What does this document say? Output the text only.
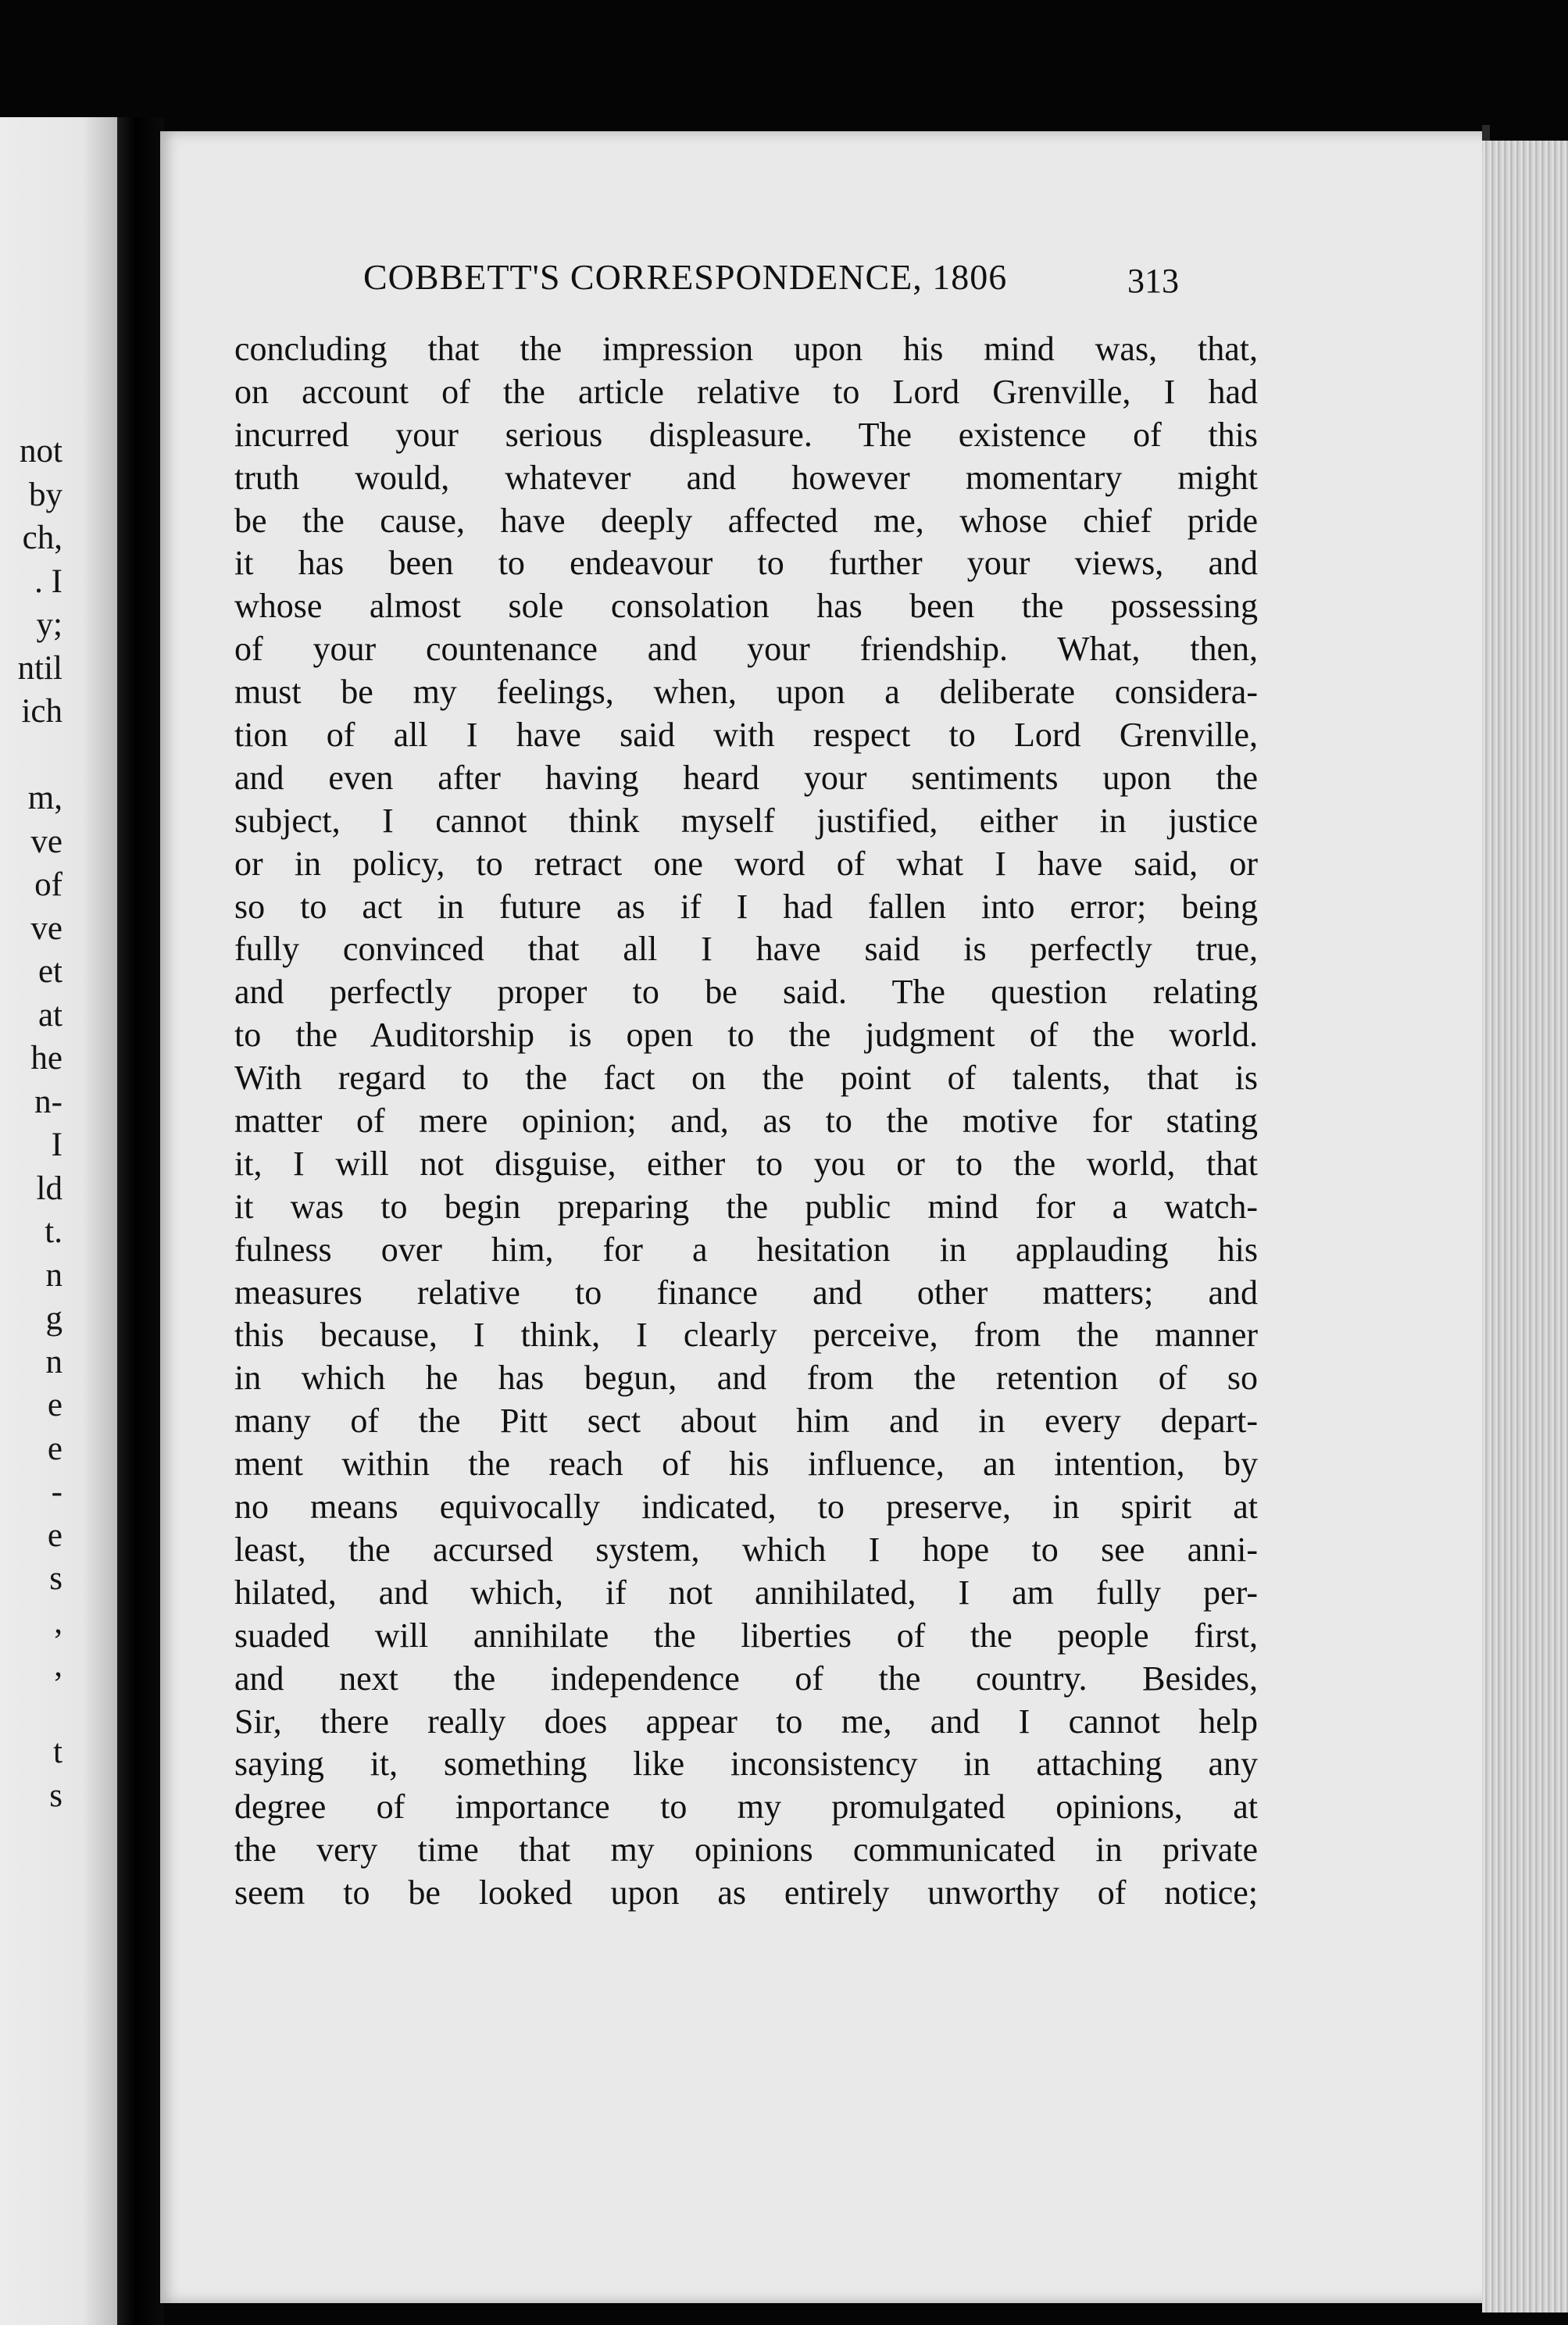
not
by
ch,
. I
y;
ntil
ich
m,
ve
of
ve
et
at
he
n-
I
ld
t.
n
g
n
e
e
-
e
s
,
,
t
s
COBBETT'S CORRESPONDENCE, 1806	313
concluding that the impression upon his mind was, that,
on account of the article relative to Lord Grenville, I had
incurred your serious displeasure. The existence of this
truth would, whatever and however momentary might
be the cause, have deeply affected me, whose chief pride
it has been to endeavour to further your views, and
whose almost sole consolation has been the possessing
of your countenance and your friendship. What, then,
must be my feelings, when, upon a deliberate considera-
tion of all I have said with respect to Lord Grenville,
and even after having heard your sentiments upon the
subject, I cannot think myself justified, either in justice
or in policy, to retract one word of what I have said, or
so to act in future as if I had fallen into error; being
fully convinced that all I have said is perfectly true,
and perfectly proper to be said. The question relating
to the Auditorship is open to the judgment of the world.
With regard to the fact on the point of talents, that is
matter of mere opinion; and, as to the motive for stating
it, I will not disguise, either to you or to the world, that
it was to begin preparing the public mind for a watch-
fulness over him, for a hesitation in applauding his
measures relative to finance and other matters; and
this because, I think, I clearly perceive, from the manner
in which he has begun, and from the retention of so
many of the Pitt sect about him and in every depart-
ment within the reach of his influence, an intention, by
no means equivocally indicated, to preserve, in spirit at
least, the accursed system, which I hope to see anni-
hilated, and which, if not annihilated, I am fully per-
suaded will annihilate the liberties of the people first,
and next the independence of the country. Besides,
Sir, there really does appear to me, and I cannot help
saying it, something like inconsistency in attaching any
degree of importance to my promulgated opinions, at
the very time that my opinions communicated in private
seem to be looked upon as entirely unworthy of notice;
